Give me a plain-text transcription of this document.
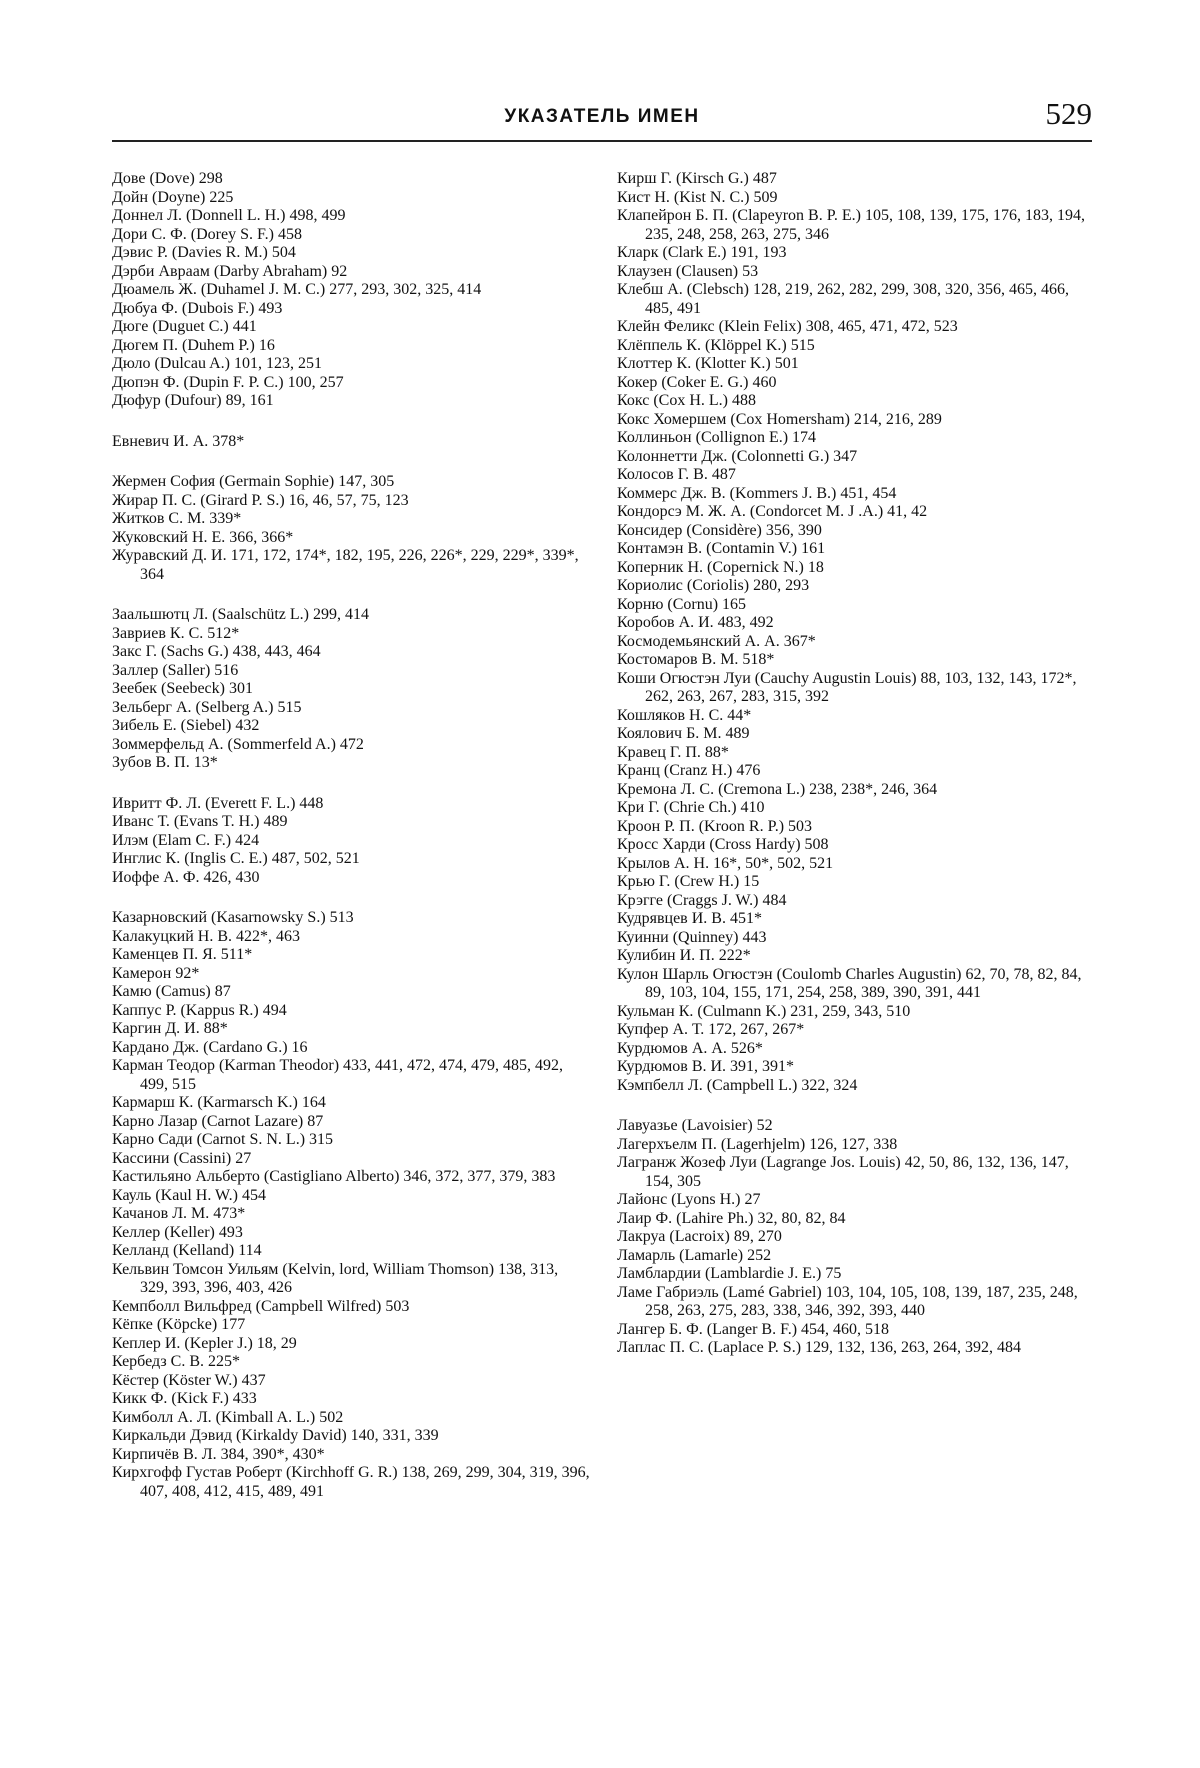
УКАЗАТЕЛЬ ИМЕН	529
Дове (Dove) 298
Дойн (Doyne) 225
Доннел Л. (Donnell L. H.) 498, 499
Дори С. Ф. (Dorey S. F.) 458
Дэвис Р. (Davies R. M.) 504
Дэрби Авраам (Darby Abraham) 92
Дюамель Ж. (Duhamel J. M. C.) 277, 293, 302, 325, 414
Дюбуа Ф. (Dubois F.) 493
Дюге (Duguet C.) 441
Дюгем П. (Duhem P.) 16
Дюло (Dulcau A.) 101, 123, 251
Дюпэн Ф. (Dupin F. P. C.) 100, 257
Дюфур (Dufour) 89, 161
Евневич И. А. 378*
Жермен София (Germain Sophie) 147, 305
Жирар П. С. (Girard P. S.) 16, 46, 57, 75, 123
Житков С. М. 339*
Жуковский Н. Е. 366, 366*
Журавский Д. И. 171, 172, 174*, 182, 195, 226, 226*, 229, 229*, 339*, 364
Заальшютц Л. (Saalschütz L.) 299, 414
Завриев К. С. 512*
Закс Г. (Sachs G.) 438, 443, 464
Заллер (Saller) 516
Зеебек (Seebeck) 301
Зельберг А. (Selberg A.) 515
Зибель Е. (Siebel) 432
Зоммерфельд А. (Sommerfeld A.) 472
Зубов В. П. 13*
Ивритт Ф. Л. (Everett F. L.) 448
Иванс Т. (Evans T. H.) 489
Илэм (Elam C. F.) 424
Инглис К. (Inglis C. E.) 487, 502, 521
Иоффе А. Ф. 426, 430
Казарновский (Kasarnowsky S.) 513
Калакуцкий Н. В. 422*, 463
Каменцев П. Я. 511*
Камерон 92*
Камю (Camus) 87
Каппус Р. (Kappus R.) 494
Каргин Д. И. 88*
Кардано Дж. (Cardano G.) 16
Карман Теодор (Karman Theodor) 433, 441, 472, 474, 479, 485, 492, 499, 515
Кармарш К. (Karmarsch K.) 164
Карно Лазар (Carnot Lazare) 87
Карно Сади (Carnot S. N. L.) 315
Кассини (Cassini) 27
Кастильяно Альберто (Castigliano Alberto) 346, 372, 377, 379, 383
Кауль (Kaul H. W.) 454
Качанов Л. М. 473*
Келлер (Keller) 493
Келланд (Kelland) 114
Кельвин Томсон Уильям (Kelvin, lord, William Thomson) 138, 313, 329, 393, 396, 403, 426
Кемпболл Вильфред (Campbell Wilfred) 503
Кёпке (Köpcke) 177
Кеплер И. (Kepler J.) 18, 29
Кербедз С. В. 225*
Кёстер (Köster W.) 437
Кикк Ф. (Kick F.) 433
Кимболл А. Л. (Kimball A. L.) 502
Киркальди Дэвид (Kirkaldy David) 140, 331, 339
Кирпичёв В. Л. 384, 390*, 430*
Кирхгофф Густав Роберт (Kirchhoff G. R.) 138, 269, 299, 304, 319, 396, 407, 408, 412, 415, 489, 491
Кирш Г. (Kirsch G.) 487
Кист Н. (Kist N. C.) 509
Клапейрон Б. П. (Clapeyron B. P. E.) 105, 108, 139, 175, 176, 183, 194, 235, 248, 258, 263, 275, 346
Кларк (Clark E.) 191, 193
Клаузен (Clausen) 53
Клебш А. (Clebsch) 128, 219, 262, 282, 299, 308, 320, 356, 465, 466, 485, 491
Клейн Феликс (Klein Felix) 308, 465, 471, 472, 523
Клёппель К. (Klöppel K.) 515
Клоттер К. (Klotter K.) 501
Кокер (Coker E. G.) 460
Кокс (Cox H. L.) 488
Кокс Хомершем (Cox Homersham) 214, 216, 289
Коллиньон (Collignon E.) 174
Колоннетти Дж. (Colonnetti G.) 347
Колосов Г. В. 487
Коммерс Дж. В. (Kommers J. B.) 451, 454
Кондорсэ М. Ж. А. (Condorcet M. J .A.) 41, 42
Консидер (Considère) 356, 390
Контамэн В. (Contamin V.) 161
Коперник Н. (Copernick N.) 18
Кориолис (Coriolis) 280, 293
Корню (Cornu) 165
Коробов А. И. 483, 492
Космодемьянский А. А. 367*
Костомаров В. М. 518*
Коши Огюстэн Луи (Cauchy Augustin Louis) 88, 103, 132, 143, 172*, 262, 263, 267, 283, 315, 392
Кошляков Н. С. 44*
Коялович Б. М. 489
Кравец Г. П. 88*
Кранц (Cranz H.) 476
Кремона Л. С. (Cremona L.) 238, 238*, 246, 364
Кри Г. (Chrie Ch.) 410
Кроон Р. П. (Kroon R. P.) 503
Кросс Харди (Cross Hardy) 508
Крылов А. Н. 16*, 50*, 502, 521
Крью Г. (Crew H.) 15
Крэгге (Craggs J. W.) 484
Кудрявцев И. В. 451*
Куинни (Quinney) 443
Кулибин И. П. 222*
Кулон Шарль Огюстэн (Coulomb Charles Augustin) 62, 70, 78, 82, 84, 89, 103, 104, 155, 171, 254, 258, 389, 390, 391, 441
Кульман К. (Culmann K.) 231, 259, 343, 510
Купфер А. Т. 172, 267, 267*
Курдюмов А. А. 526*
Курдюмов В. И. 391, 391*
Кэмпбелл Л. (Campbell L.) 322, 324
Лавуазье (Lavoisier) 52
Лагерхъелм П. (Lagerhjelm) 126, 127, 338
Лагранж Жозеф Луи (Lagrange Jos. Louis) 42, 50, 86, 132, 136, 147, 154, 305
Лайонс (Lyons H.) 27
Лаир Ф. (Lahire Ph.) 32, 80, 82, 84
Лакруа (Lacroix) 89, 270
Ламарль (Lamarle) 252
Ламблардии (Lamblardie J. E.) 75
Ламе Габриэль (Lamé Gabriel) 103, 104, 105, 108, 139, 187, 235, 248, 258, 263, 275, 283, 338, 346, 392, 393, 440
Лангер Б. Ф. (Langer B. F.) 454, 460, 518
Лаплас П. С. (Laplace P. S.) 129, 132, 136, 263, 264, 392, 484
